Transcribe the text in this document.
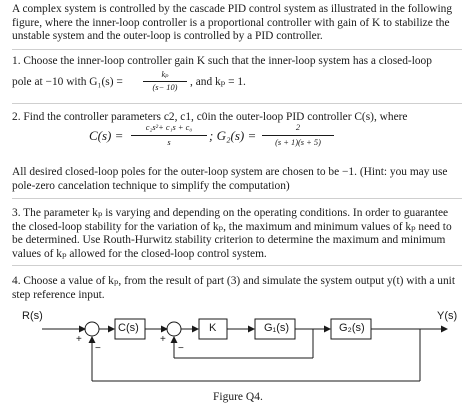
A complex system is controlled by the cascade PID control system as illustrated in the following figure, where the inner-loop controller is a proportional controller with gain of K to stabilize the unstable system and the outer-loop is controlled by a PID controller.
1. Choose the inner-loop controller gain K such that the inner-loop system has a closed-loop
pole at −10 with G₁(s) =
kₚ
(s− 10)	, and kₚ = 1.
2. Find the controller parameters c2, c1, c0in the outer-loop PID controller C(s), where
C(s) =
c₂s²+ c₁s + c₀
s	; G₂(s) =
2
(s + 1)(s + 5)
All desired closed-loop poles for the outer-loop system are chosen to be −1. (Hint: you may use pole-zero cancelation technique to simplify the computation)
3. The parameter kₚ is varying and depending on the operating conditions. In order to guarantee the closed-loop stability for the variation of kₚ, the maximum and minimum values of kₚ need to be determined. Use Routh-Hurwitz stability criterion to determine the maximum and minimum values of kₚ allowed for the closed-loop control system.
4. Choose a value of kₚ, from the result of part (3) and simulate the system output y(t) with a unit step reference input.
R(s)	Y(s)
C(s)	K	G₁(s)	G₂(s)
+
−
+
−
Figure Q4.
